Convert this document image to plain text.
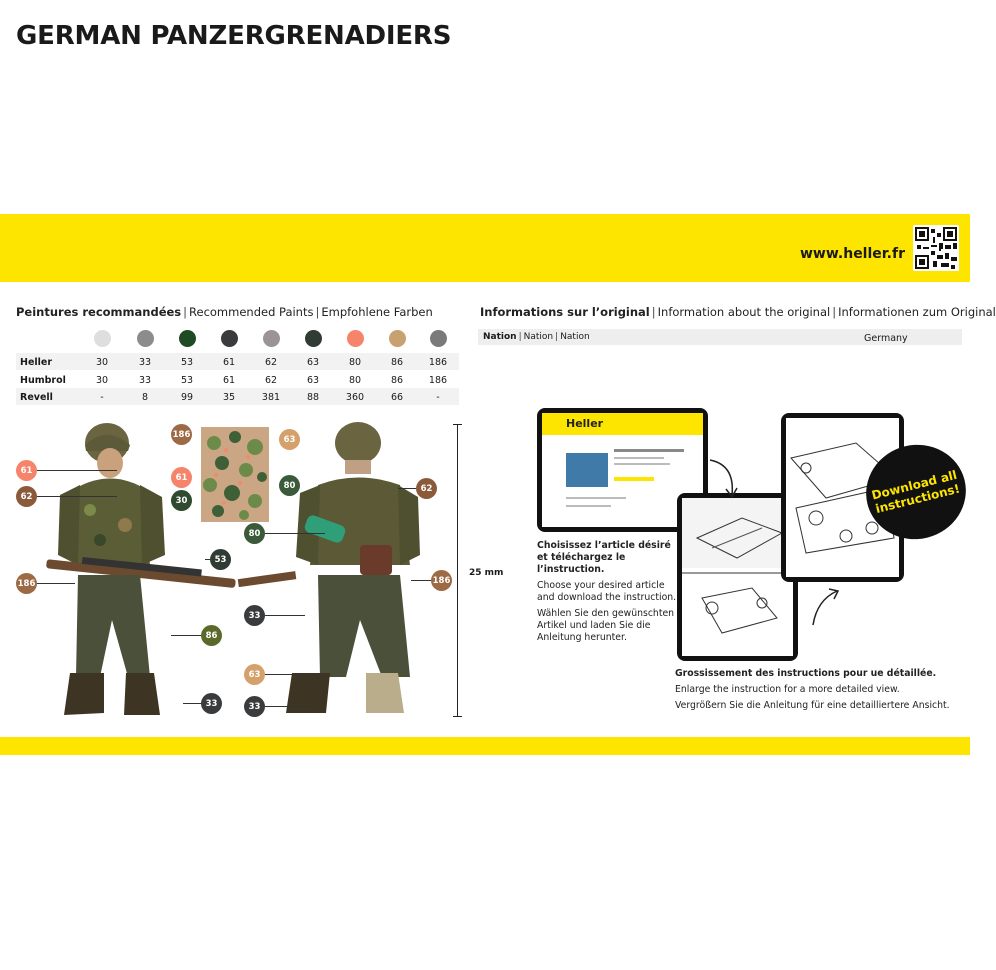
GERMAN PANZERGRENADIERS
www.heller.fr
Peintures recommandées | Recommended Paints | Empfohlene Farben
Heller
Humbrol
Revell
30
30
-
33
33
8
53
53
99
61
61
35
62
62
381
63
63
88
80
80
360
86
86
66
186
186
-
Informations sur l’original | Information about the original | Informationen zum Original
Nation | Nation | Nation	Germany
61
62
186
53
86
33
186	63
61
80
30
62
80
186
33
63
33
25 mm
Heller
Download all instructions!
Choisissez l’article désiré et téléchargez le l’instruction.
Choose your desired article and download the instruction.
Wählen Sie den gewünschten Artikel und laden Sie die Anleitung herunter.
Grossissement des instructions pour ue détaillée.
Enlarge the instruction for a more detailed view.
Vergrößern Sie die Anleitung für eine detailliertere Ansicht.
